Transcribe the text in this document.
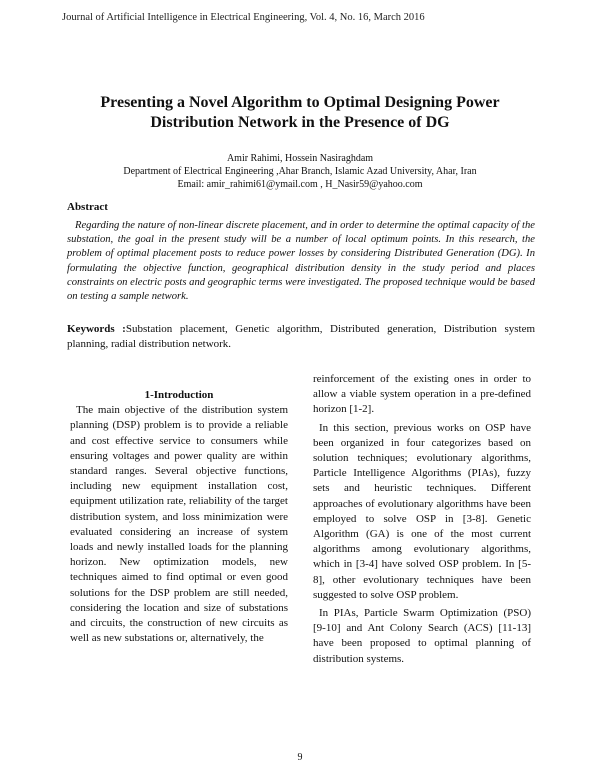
Journal of Artificial Intelligence in Electrical Engineering, Vol. 4, No. 16, March 2016
Presenting a Novel Algorithm to Optimal Designing Power
Distribution Network in the Presence of DG
Amir Rahimi, Hossein Nasiraghdam
Department of Electrical Engineering ,Ahar Branch, Islamic Azad University, Ahar, Iran
Email: amir_rahimi61@ymail.com , H_Nasir59@yahoo.com
Abstract
Regarding the nature of non-linear discrete placement, and in order to determine the optimal capacity of the substation, the goal in the present study will be a number of local optimum points. In this research, the problem of optimal placement posts to reduce power losses by considering Distributed Generation (DG). In formulating the objective function, geographical distribution density in the study period and places constraints on electric posts and geographic terms were investigated. The proposed technique would be based on testing a sample network.
Keywords :Substation placement, Genetic algorithm, Distributed generation, Distribution system planning, radial distribution network.
1-Introduction

The main objective of the distribution system planning (DSP) problem is to provide a reliable and cost effective service to consumers while ensuring voltages and power quality are within standard ranges. Several objective functions, including new equipment installation cost, equipment utilization rate, reliability of the target distribution system, and loss minimization were evaluated considering an increase of system loads and newly installed loads for the planning horizon. New optimization models, new techniques aimed to find optimal or even good solutions for the DSP problem are still needed, considering the location and size of substations and circuits, the construction of new circuits as well as new substations or, alternatively, the

reinforcement of the existing ones in order to allow a viable system operation in a pre-defined horizon [1-2].

In this section, previous works on OSP have been organized in four categorizes based on solution techniques; evolutionary algorithms, Particle Intelligence Algorithms (PIAs), fuzzy sets and heuristic techniques. Different approaches of evolutionary algorithms have been employed to solve OSP in [3-8]. Genetic Algorithm (GA) is one of the most current algorithms among evolutionary algorithms, which in [3-4] have solved OSP problem. In [5-8], other evolutionary techniques have been suggested to solve OSP problem.

In PIAs, Particle Swarm Optimization (PSO) [9-10] and Ant Colony Search (ACS) [11-13] have been proposed to optimal planning of distribution systems.

9
